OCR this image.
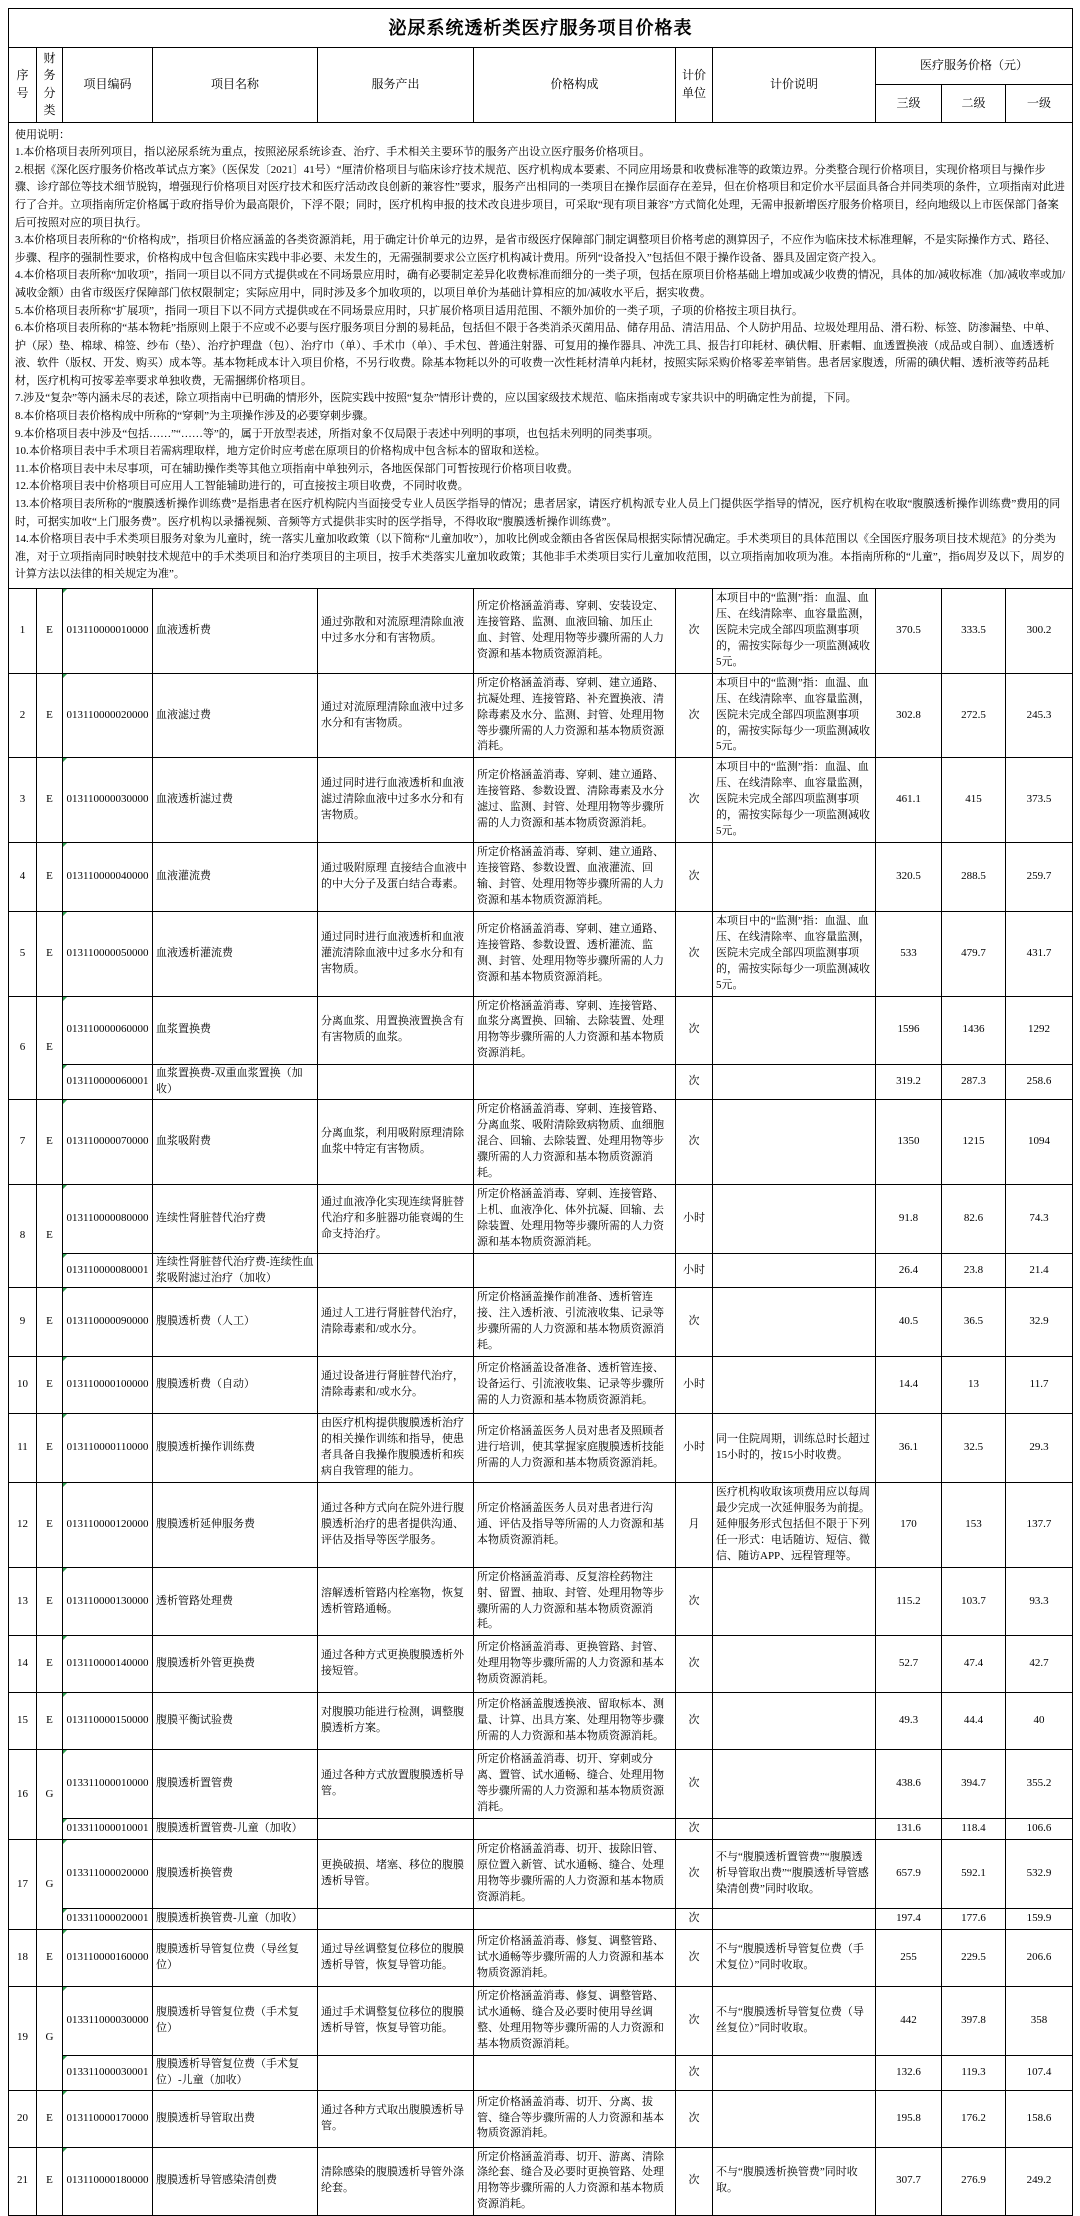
泌尿系统透析类医疗服务项目价格表										
序号	财务分类	项目编码	项目名称	服务产出	价格构成	计价单位	计价说明	医疗服务价格（元）		
								三级	二级	一级

使用说明：
1.本价格项目表所列项目，指以泌尿系统为重点，按照泌尿系统诊查、治疗、手术相关主要环节的服务产出设立医疗服务价格项目。
2.根据《深化医疗服务价格改革试点方案》（医保发〔2021〕41号）“厘清价格项目与临床诊疗技术规范、医疗机构成本要素、不同应用场景和收费标准等的政策边界。分类整合现行价格项目，实现价格项目与操作步骤、诊疗部位等技术细节脱钩，增强现行价格项目对医疗技术和医疗活动改良创新的兼容性”要求，服务产出相同的一类项目在操作层面存在差异，但在价格项目和定价水平层面具备合并同类项的条件，立项指南对此进行了合并。立项指南所定价格属于政府指导价为最高限价，下浮不限；同时，医疗机构申报的技术改良进步项目，可采取“现有项目兼容”方式简化处理，无需申报新增医疗服务价格项目，经向地级以上市医保部门备案后可按照对应的项目执行。
3.本价格项目表所称的“价格构成”，指项目价格应涵盖的各类资源消耗，用于确定计价单元的边界，是省市级医疗保障部门制定调整项目价格考虑的测算因子，不应作为临床技术标准理解，不是实际操作方式、路径、步骤、程序的强制性要求，价格构成中包含但临床实践中非必要、未发生的，无需强制要求公立医疗机构减计费用。所列“设备投入”包括但不限于操作设备、器具及固定资产投入。
4.本价格项目表所称“加收项”，指同一项目以不同方式提供或在不同场景应用时，确有必要制定差异化收费标准而细分的一类子项，包括在原项目价格基础上增加或减少收费的情况，具体的加/减收标准（加/减收率或加/减收金额）由省市级医疗保障部门依权限制定；实际应用中，同时涉及多个加收项的，以项目单价为基础计算相应的加/减收水平后，据实收费。
5.本价格项目表所称“扩展项”，指同一项目下以不同方式提供或在不同场景应用时，只扩展价格项目适用范围、不额外加价的一类子项，子项的价格按主项目执行。
6.本价格项目表所称的“基本物耗”指原则上限于不应或不必要与医疗服务项目分割的易耗品，包括但不限于各类消杀灭菌用品、储存用品、清洁用品、个人防护用品、垃圾处理用品、滑石粉、标签、防渗漏垫、中单、护（尿）垫、棉球、棉签、纱布（垫）、治疗护理盘（包）、治疗巾（单）、手术巾（单）、手术包、普通注射器、可复用的操作器具、冲洗工具、报告打印耗材、碘伏帽、肝素帽、血透置换液（成品或自制）、血透透析液、软件（版权、开发、购买）成本等。基本物耗成本计入项目价格，不另行收费。除基本物耗以外的可收费一次性耗材清单内耗材，按照实际采购价格零差率销售。患者居家腹透，所需的碘伏帽、透析液等药品耗材，医疗机构可按零差率要求单独收费，无需捆绑价格项目。
7.涉及“复杂”等内涵未尽的表述，除立项指南中已明确的情形外，医院实践中按照“复杂”情形计费的，应以国家级技术规范、临床指南或专家共识中的明确定性为前提，下同。
8.本价格项目表价格构成中所称的“穿刺”为主项操作涉及的必要穿刺步骤。
9.本价格项目表中涉及“包括……”“……等”的，属于开放型表述，所指对象不仅局限于表述中列明的事项，也包括未列明的同类事项。
10.本价格项目表中手术项目若需病理取样，地方定价时应考虑在原项目的价格构成中包含标本的留取和送检。
11.本价格项目表中未尽事项，可在辅助操作类等其他立项指南中单独列示，各地医保部门可暂按现行价格项目收费。
12.本价格项目表中价格项目可应用人工智能辅助进行的，可直接按主项目收费，不同时收费。
13.本价格项目表所称的“腹膜透析操作训练费”是指患者在医疗机构院内当面接受专业人员医学指导的情况；患者居家，请医疗机构派专业人员上门提供医学指导的情况，医疗机构在收取“腹膜透析操作训练费”费用的同时，可据实加收“上门服务费”。医疗机构以录播视频、音频等方式提供非实时的医学指导，不得收取“腹膜透析操作训练费”。
14.本价格项目表中手术类项目服务对象为儿童时，统一落实儿童加收政策（以下简称“儿童加收”），加收比例或金额由各省医保局根据实际情况确定。手术类项目的具体范围以《全国医疗服务项目技术规范》的分类为准，对于立项指南同时映射技术规范中的手术类项目和治疗类项目的主项目，按手术类落实儿童加收政策；其他非手术类项目实行儿童加收范围，以立项指南加收项为准。本指南所称的“儿童”，指6周岁及以下，周岁的计算方法以法律的相关规定为准”。

1	E	013110000010000	血液透析费	通过弥散和对流原理清除血液中过多水分和有害物质。	所定价格涵盖消毒、穿刺、安装设定、连接管路、监测、血液回输、加压止血、封管、处理用物等步骤所需的人力资源和基本物质资源消耗。	次	本项目中的“监测”指：血温、血压、在线清除率、血容量监测，医院未完成全部四项监测事项的，需按实际每少一项监测减收5元。	370.5	333.5	300.2
2	E	013110000020000	血液滤过费	通过对流原理清除血液中过多水分和有害物质。	所定价格涵盖消毒、穿刺、建立通路、抗凝处理、连接管路、补充置换液、清除毒素及水分、监测、封管、处理用物等步骤所需的人力资源和基本物质资源消耗。	次	本项目中的“监测”指：血温、血压、在线清除率、血容量监测，医院未完成全部四项监测事项的，需按实际每少一项监测减收5元。	302.8	272.5	245.3
3	E	013110000030000	血液透析滤过费	通过同时进行血液透析和血液滤过清除血液中过多水分和有害物质。	所定价格涵盖消毒、穿刺、建立通路、连接管路、参数设置、清除毒素及水分滤过、监测、封管、处理用物等步骤所需的人力资源和基本物质资源消耗。	次	本项目中的“监测”指：血温、血压、在线清除率、血容量监测，医院未完成全部四项监测事项的，需按实际每少一项监测减收5元。	461.1	415	373.5
4	E	013110000040000	血液灌流费	通过吸附原理 直接结合血液中的中大分子及蛋白结合毒素。	所定价格涵盖消毒、穿刺、建立通路、连接管路、参数设置、血液灌流、回输、封管、处理用物等步骤所需的人力资源和基本物质资源消耗。	次		320.5	288.5	259.7
5	E	013110000050000	血液透析灌流费	通过同时进行血液透析和血液灌流清除血液中过多水分和有害物质。	所定价格涵盖消毒、穿刺、建立通路、连接管路、参数设置、透析灌流、监测、封管、处理用物等步骤所需的人力资源和基本物质资源消耗。	次	本项目中的“监测”指：血温、血压、在线清除率、血容量监测，医院未完成全部四项监测事项的，需按实际每少一项监测减收5元。	533	479.7	431.7
6	E	013110000060000	血浆置换费	分离血浆、用置换液置换含有有害物质的血浆。	所定价格涵盖消毒、穿刺、连接管路、血浆分离置换、回输、去除装置、处理用物等步骤所需的人力资源和基本物质资源消耗。	次		1596	1436	1292
		013110000060001	血浆置换费-双重血浆置换（加收）			次		319.2	287.3	258.6
7	E	013110000070000	血浆吸附费	分离血浆，利用吸附原理清除血浆中特定有害物质。	所定价格涵盖消毒、穿刺、连接管路、分离血浆、吸附清除致病物质、血细胞混合、回输、去除装置、处理用物等步骤所需的人力资源和基本物质资源消耗。	次		1350	1215	1094
8	E	013110000080000	连续性肾脏替代治疗费	通过血液净化实现连续肾脏替代治疗和多脏器功能衰竭的生命支持治疗。	所定价格涵盖消毒、穿刺、连接管路、上机、血液净化、体外抗凝、回输、去除装置、处理用物等步骤所需的人力资源和基本物质资源消耗。	小时		91.8	82.6	74.3
		013110000080001	连续性肾脏替代治疗费-连续性血浆吸附滤过治疗（加收）			小时		26.4	23.8	21.4
9	E	013110000090000	腹膜透析费（人工）	通过人工进行肾脏替代治疗，清除毒素和/或水分。	所定价格涵盖操作前准备、透析管连接、注入透析液、引流液收集、记录等步骤所需的人力资源和基本物质资源消耗。	次		40.5	36.5	32.9
10	E	013110000100000	腹膜透析费（自动）	通过设备进行肾脏替代治疗，清除毒素和/或水分。	所定价格涵盖设备准备、透析管连接、设备运行、引流液收集、记录等步骤所需的人力资源和基本物质资源消耗。	小时		14.4	13	11.7
11	E	013110000110000	腹膜透析操作训练费	由医疗机构提供腹膜透析治疗的相关操作训练和指导，使患者具备自我操作腹膜透析和疾病自我管理的能力。	所定价格涵盖医务人员对患者及照顾者进行培训，使其掌握家庭腹膜透析技能所需的人力资源和基本物质资源消耗。	小时	同一住院周期，训练总时长超过15小时的，按15小时收费。	36.1	32.5	29.3
12	E	013110000120000	腹膜透析延伸服务费	通过各种方式向在院外进行腹膜透析治疗的患者提供沟通、评估及指导等医学服务。	所定价格涵盖医务人员对患者进行沟通、评估及指导等所需的人力资源和基本物质资源消耗。	月	医疗机构收取该项费用应以每周最少完成一次延伸服务为前提。延伸服务形式包括但不限于下列任一形式：电话随访、短信、微信、随访APP、远程管理等。	170	153	137.7
13	E	013110000130000	透析管路处理费	溶解透析管路内栓塞物，恢复透析管路通畅。	所定价格涵盖消毒、反复溶栓药物注射、留置、抽取、封管、处理用物等步骤所需的人力资源和基本物质资源消耗。	次		115.2	103.7	93.3
14	E	013110000140000	腹膜透析外管更换费	通过各种方式更换腹膜透析外接短管。	所定价格涵盖消毒、更换管路、封管、处理用物等步骤所需的人力资源和基本物质资源消耗。	次		52.7	47.4	42.7
15	E	013110000150000	腹膜平衡试验费	对腹膜功能进行检测，调整腹膜透析方案。	所定价格涵盖腹透换液、留取标本、测量、计算、出具方案、处理用物等步骤所需的人力资源和基本物质资源消耗。	次		49.3	44.4	40
16	G	013311000010000	腹膜透析置管费	通过各种方式放置腹膜透析导管。	所定价格涵盖消毒、切开、穿刺或分离、置管、试水通畅、缝合、处理用物等步骤所需的人力资源和基本物质资源消耗。	次		438.6	394.7	355.2
		013311000010001	腹膜透析置管费-儿童（加收）			次		131.6	118.4	106.6
17	G	013311000020000	腹膜透析换管费	更换破损、堵塞、移位的腹膜透析导管。	所定价格涵盖消毒、切开、拔除旧管、原位置入新管、试水通畅、缝合、处理用物等步骤所需的人力资源和基本物质资源消耗。	次	不与“腹膜透析置管费”“腹膜透析导管取出费”“腹膜透析导管感染清创费”同时收取。	657.9	592.1	532.9
		013311000020001	腹膜透析换管费-儿童（加收）			次		197.4	177.6	159.9
18	E	013110000160000	腹膜透析导管复位费（导丝复位）	通过导丝调整复位移位的腹膜透析导管，恢复导管功能。	所定价格涵盖消毒、修复、调整管路、试水通畅等步骤所需的人力资源和基本物质资源消耗。	次	不与“腹膜透析导管复位费（手术复位）”同时收取。	255	229.5	206.6
19	G	013311000030000	腹膜透析导管复位费（手术复位）	通过手术调整复位移位的腹膜透析导管，恢复导管功能。	所定价格涵盖消毒、修复、调整管路、试水通畅、缝合及必要时使用导丝调整、处理用物等步骤所需的人力资源和基本物质资源消耗。	次	不与“腹膜透析导管复位费（导丝复位）”同时收取。	442	397.8	358
		013311000030001	腹膜透析导管复位费（手术复位）-儿童（加收）			次		132.6	119.3	107.4
20	E	013110000170000	腹膜透析导管取出费	通过各种方式取出腹膜透析导管。	所定价格涵盖消毒、切开、分离、拔管、缝合等步骤所需的人力资源和基本物质资源消耗。	次		195.8	176.2	158.6
21	E	013110000180000	腹膜透析导管感染清创费	清除感染的腹膜透析导管外涤纶套。	所定价格涵盖消毒、切开、游离、清除涤纶套、缝合及必要时更换管路、处理用物等步骤所需的人力资源和基本物质资源消耗。	次	不与“腹膜透析换管费”同时收取。	307.7	276.9	249.2
